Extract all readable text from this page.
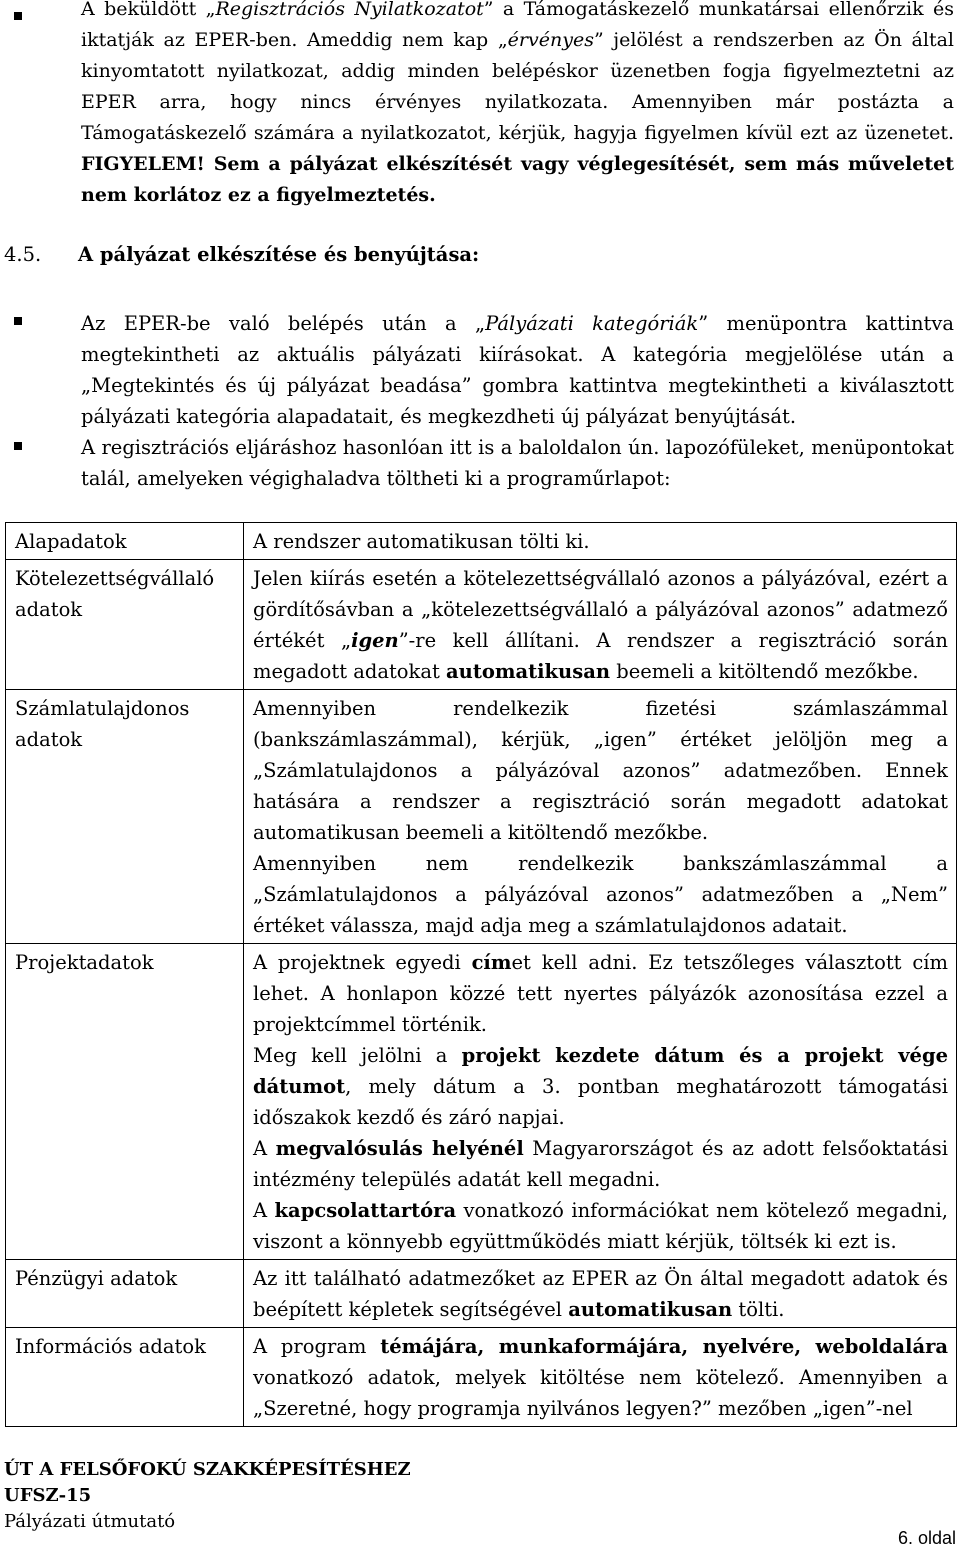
A beküldött „Regisztrációs Nyilatkozatot” a Támogatáskezelő munkatársai ellenőrzik és iktatják az EPER-ben. Ameddig nem kap „érvényes” jelölést a rendszerben az Ön által kinyomtatott nyilatkozat, addig minden belépéskor üzenetben fogja figyelmeztetni az EPER arra, hogy nincs érvényes nyilatkozata. Amennyiben már postázta a Támogatáskezelő számára a nyilatkozatot, kérjük, hagyja figyelmen kívül ezt az üzenetet. FIGYELEM! Sem a pályázat elkészítését vagy véglegesítését, sem más műveletet nem korlátoz ez a figyelmeztetés.
4.5. A pályázat elkészítése és benyújtása:
Az EPER-be való belépés után a „Pályázati kategóriák” menüpontra kattintva megtekintheti az aktuális pályázati kiírásokat. A kategória megjelölése után a „Megtekintés és új pályázat beadása” gombra kattintva megtekintheti a kiválasztott pályázati kategória alapadatait, és megkezdheti új pályázat benyújtását.
A regisztrációs eljáráshoz hasonlóan itt is a baloldalon ún. lapozófüleket, menüpontokat talál, amelyeken végighaladva töltheti ki a programűrlapot:
Alapadatok	A rendszer automatikusan tölti ki.
Kötelezettségvállaló adatok	Jelen kiírás esetén a kötelezettségvállaló azonos a pályázóval, ezért a gördítősávban a „kötelezettségvállaló a pályázóval azonos” adatmező értékét „igen”-re kell állítani. A rendszer a regisztráció során megadott adatokat automatikusan beemeli a kitöltendő mezőkbe.
Számlatulajdonos adatok	Amennyiben rendelkezik fizetési számlaszámmal (bankszámlaszámmal), kérjük, „igen” értéket jelöljön meg a „Számlatulajdonos a pályázóval azonos” adatmezőben. Ennek hatására a rendszer a regisztráció során megadott adatokat automatikusan beemeli a kitöltendő mezőkbe.
Amennyiben nem rendelkezik bankszámlaszámmal a „Számlatulajdonos a pályázóval azonos” adatmezőben a „Nem” értéket válassza, majd adja meg a számlatulajdonos adatait.

Projektadatok	A projektnek egyedi címet kell adni. Ez tetszőleges választott cím lehet. A honlapon közzé tett nyertes pályázók azonosítása ezzel a projektcímmel történik.
Meg kell jelölni a projekt kezdete dátum és a projekt vége dátumot, mely dátum a 3. pontban meghatározott támogatási időszakok kezdő és záró napjai.
A megvalósulás helyénél Magyarországot és az adott felsőoktatási intézmény település adatát kell megadni.
A kapcsolattartóra vonatkozó információkat nem kötelező megadni, viszont a könnyebb együttműködés miatt kérjük, töltsék ki ezt is.

Pénzügyi adatok	Az itt található adatmezőket az EPER az Ön által megadott adatok és beépített képletek segítségével automatikusan tölti.
Információs adatok	A program témájára, munkaformájára, nyelvére, weboldalára vonatkozó adatok, melyek kitöltése nem kötelező. Amennyiben a „Szeretné, hogy programja nyilvános legyen?” mezőben „igen”-nel
ÚT A FELSŐFOKÚ SZAKKÉPESÍTÉSHEZ
UFSZ-15
Pályázati útmutató
6. oldal
